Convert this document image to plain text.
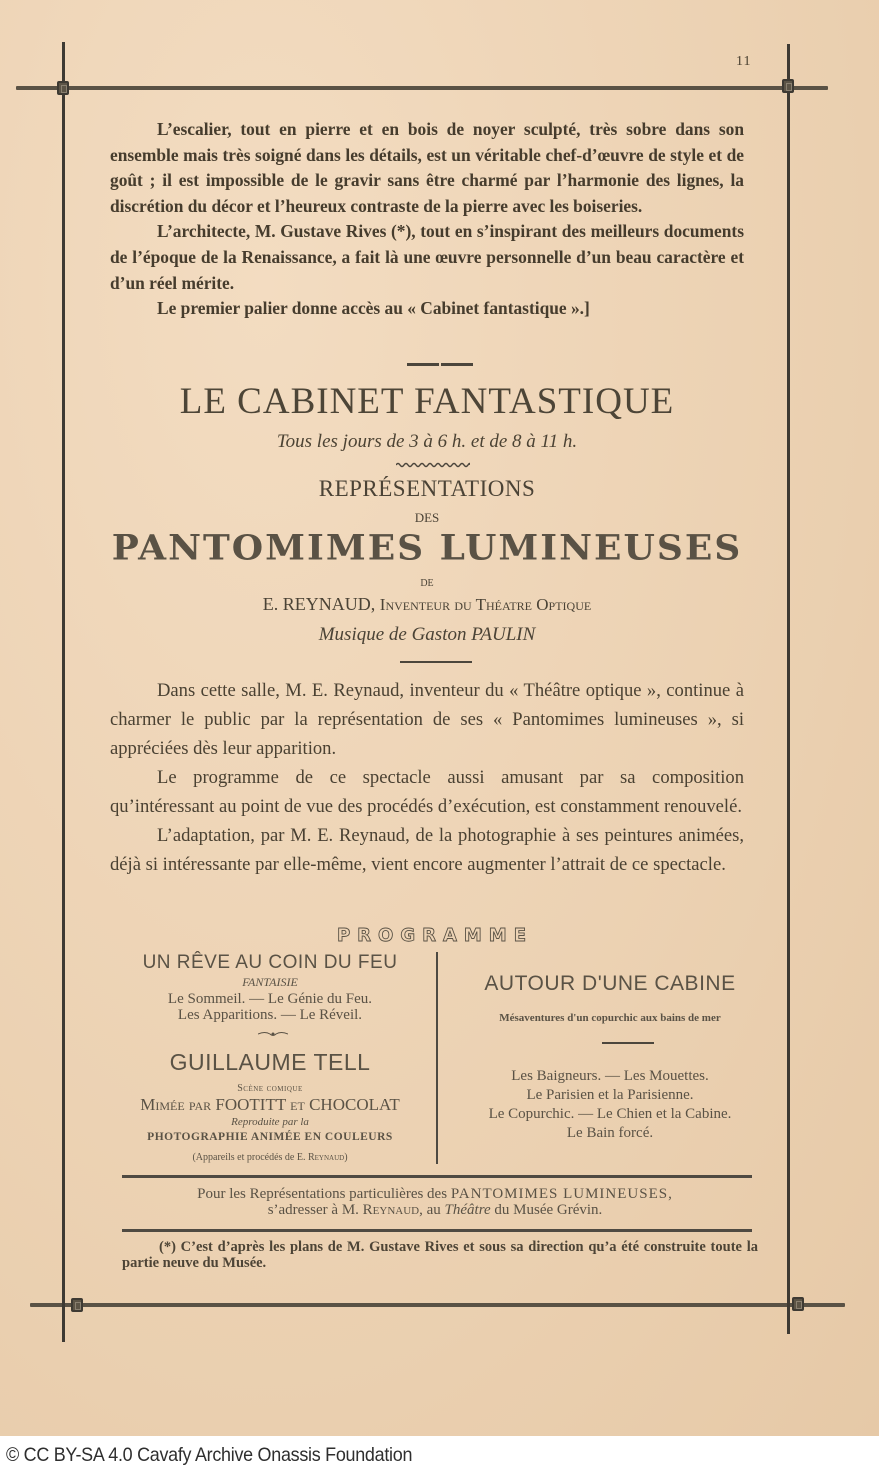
11

L’escalier, tout en pierre et en bois de noyer sculpté, très sobre dans son ensemble mais très soigné dans les détails, est un véritable chef-d’œuvre de style et de goût ; il est impossible de le gravir sans être charmé par l’harmonie des lignes, la discrétion du décor et l’heureux contraste de la pierre avec les boiseries.

L’architecte, M. Gustave Rives (*), tout en s’inspirant des meilleurs documents de l’époque de la Renaissance, a fait là une œuvre personnelle d’un beau caractère et d’un réel mérite.

Le premier palier donne accès au « Cabinet fantastique ».]

LE CABINET FANTASTIQUE
Tous les jours de 3 à 6 h. et de 8 à 11 h.
REPRÉSENTATIONS
DES
PANTOMIMES LUMINEUSES
DE
E. REYNAUD, Inventeur du Théatre Optique
Musique de Gaston PAULIN

Dans cette salle, M. E. Reynaud, inventeur du « Théâtre optique », continue à charmer le public par la représentation de ses « Pantomimes lumineuses », si appréciées dès leur apparition.

Le programme de ce spectacle aussi amusant par sa composition qu’intéressant au point de vue des procédés d’exécution, est constamment renouvelé.

L’adaptation, par M. E. Reynaud, de la photographie à ses peintures animées, déjà si intéressante par elle-même, vient encore augmenter l’attrait de ce spectacle.

PROGRAMME
UN RÊVE AU COIN DU FEU
FANTAISIE
Le Sommeil. — Le Génie du Feu.
Les Apparitions. — Le Réveil.
GUILLAUME TELL
Scène comique
Mimée par FOOTITT et CHOCOLAT
Reproduite par la
PHOTOGRAPHIE ANIMÉE EN COULEURS
(Appareils et procédés de E. Reynaud)
AUTOUR D'UNE CABINE
Mésaventures d'un copurchic aux bains de mer
Les Baigneurs. — Les Mouettes.
Le Parisien et la Parisienne.
Le Copurchic. — Le Chien et la Cabine.
Le Bain forcé.
Pour les Représentations particulières des PANTOMIMES LUMINEUSES,
s’adresser à M. Reynaud, au Théâtre du Musée Grévin.

(*) C’est d’après les plans de M. Gustave Rives et sous sa direction qu’a été construite toute la partie neuve du Musée.

© CC BY-SA 4.0 Cavafy Archive Onassis Foundation
